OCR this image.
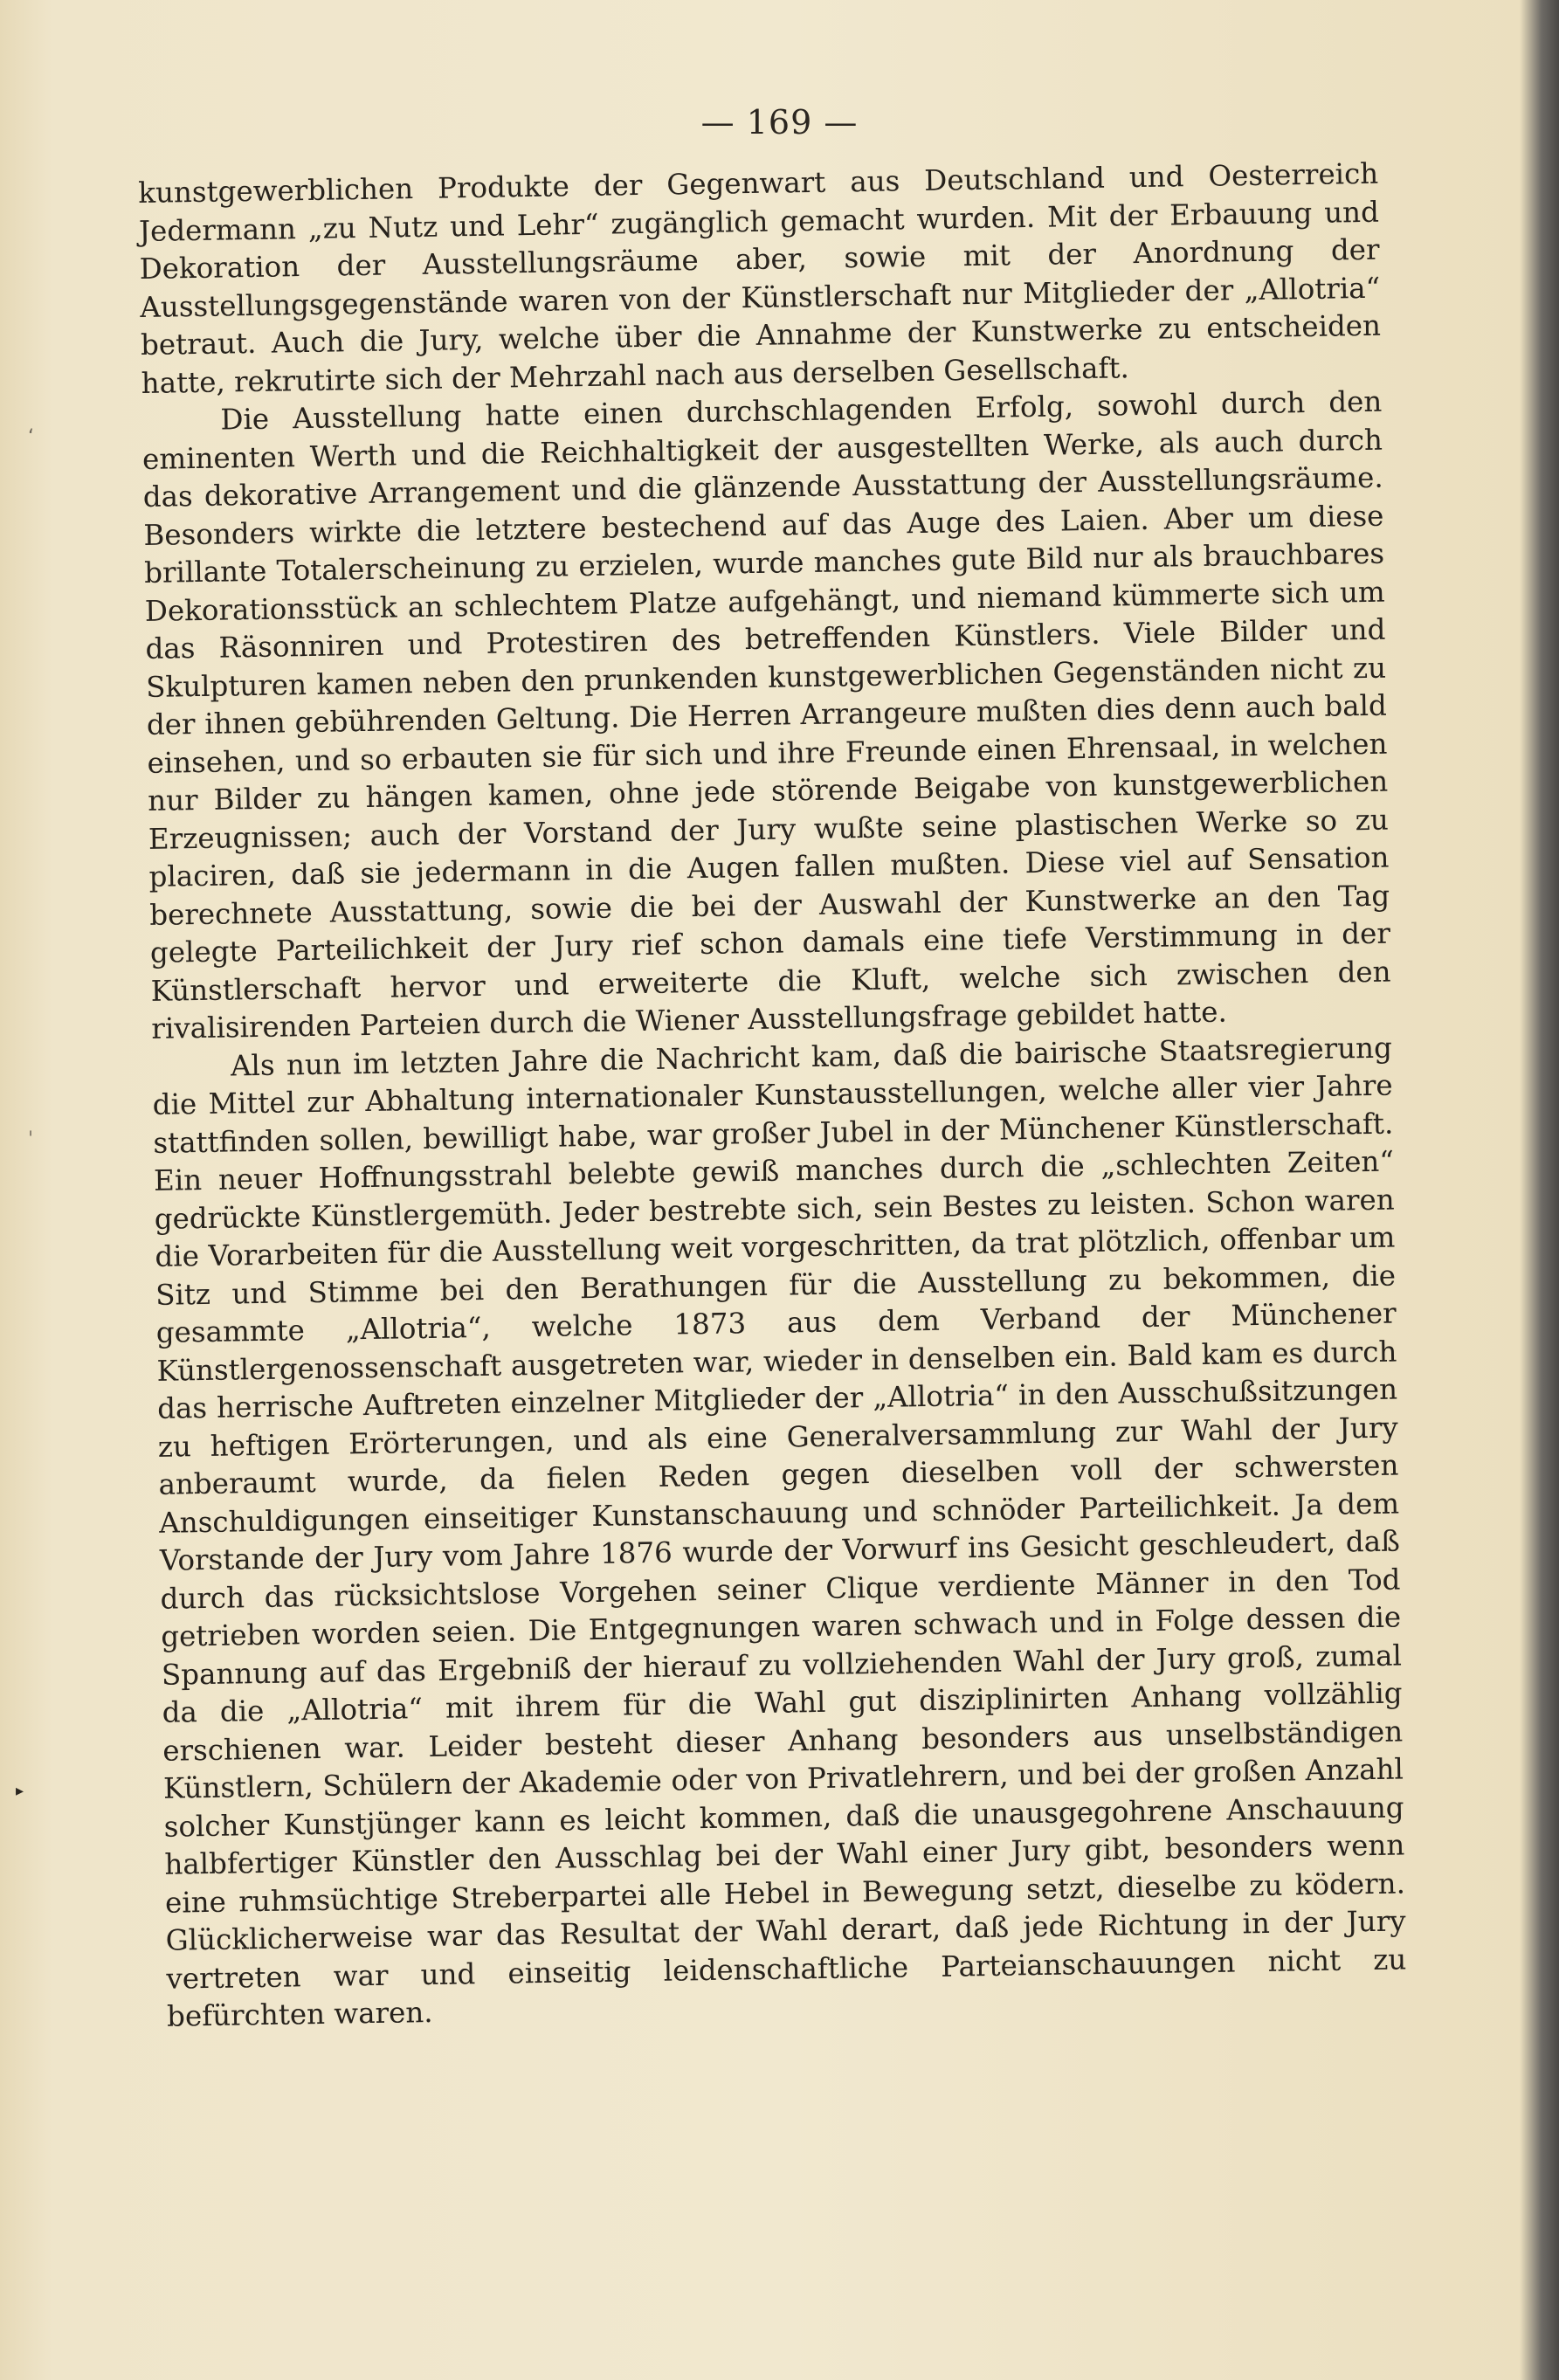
— 169 —

kunstgewerblichen Produkte der Gegenwart aus Deutschland und Oesterreich Jedermann „zu Nutz und Lehr“ zugänglich gemacht wurden. Mit der Erbauung und Dekoration der Ausstellungsräume aber, sowie mit der Anordnung der Ausstellungsgegenstände waren von der Künstlerschaft nur Mitglieder der „Allotria“ betraut. Auch die Jury, welche über die Annahme der Kunstwerke zu entscheiden hatte, rekrutirte sich der Mehrzahl nach aus derselben Gesellschaft.

Die Ausstellung hatte einen durchschlagenden Erfolg, sowohl durch den eminenten Werth und die Reichhaltigkeit der ausgestellten Werke, als auch durch das dekorative Arrangement und die glänzende Ausstattung der Ausstellungsräume. Besonders wirkte die letztere bestechend auf das Auge des Laien. Aber um diese brillante Totalerscheinung zu erzielen, wurde manches gute Bild nur als brauchbares Dekorationsstück an schlechtem Platze aufgehängt, und niemand kümmerte sich um das Räsonniren und Protestiren des betreffenden Künstlers. Viele Bilder und Skulpturen kamen neben den prunkenden kunstgewerblichen Gegenständen nicht zu der ihnen gebührenden Geltung. Die Herren Arrangeure mußten dies denn auch bald einsehen, und so erbauten sie für sich und ihre Freunde einen Ehrensaal, in welchen nur Bilder zu hängen kamen, ohne jede störende Beigabe von kunstgewerblichen Erzeugnissen; auch der Vorstand der Jury wußte seine plastischen Werke so zu placiren, daß sie jedermann in die Augen fallen mußten. Diese viel auf Sensation berechnete Ausstattung, sowie die bei der Auswahl der Kunstwerke an den Tag gelegte Parteilichkeit der Jury rief schon damals eine tiefe Verstimmung in der Künstlerschaft hervor und erweiterte die Kluft, welche sich zwischen den rivalisirenden Parteien durch die Wiener Ausstellungsfrage gebildet hatte.

Als nun im letzten Jahre die Nachricht kam, daß die bairische Staatsregierung die Mittel zur Abhaltung internationaler Kunstausstellungen, welche aller vier Jahre stattfinden sollen, bewilligt habe, war großer Jubel in der Münchener Künstlerschaft. Ein neuer Hoffnungsstrahl belebte gewiß manches durch die „schlechten Zeiten“ gedrückte Künstlergemüth. Jeder bestrebte sich, sein Bestes zu leisten. Schon waren die Vorarbeiten für die Ausstellung weit vorgeschritten, da trat plötzlich, offenbar um Sitz und Stimme bei den Berathungen für die Ausstellung zu bekommen, die gesammte „Allotria“, welche 1873 aus dem Verband der Münchener Künstlergenossenschaft ausgetreten war, wieder in denselben ein. Bald kam es durch das herrische Auftreten einzelner Mitglieder der „Allotria“ in den Ausschußsitzungen zu heftigen Erörterungen, und als eine Generalversammlung zur Wahl der Jury anberaumt wurde, da fielen Reden gegen dieselben voll der schwersten Anschuldigungen einseitiger Kunstanschauung und schnöder Parteilichkeit. Ja dem Vorstande der Jury vom Jahre 1876 wurde der Vorwurf ins Gesicht geschleudert, daß durch das rücksichtslose Vorgehen seiner Clique verdiente Männer in den Tod getrieben worden seien. Die Entgegnungen waren schwach und in Folge dessen die Spannung auf das Ergebniß der hierauf zu vollziehenden Wahl der Jury groß, zumal da die „Allotria“ mit ihrem für die Wahl gut disziplinirten Anhang vollzählig erschienen war. Leider besteht dieser Anhang besonders aus unselbständigen Künstlern, Schülern der Akademie oder von Privatlehrern, und bei der großen Anzahl solcher Kunstjünger kann es leicht kommen, daß die unausgegohrene Anschauung halbfertiger Künstler den Ausschlag bei der Wahl einer Jury gibt, besonders wenn eine ruhmsüchtige Streberpartei alle Hebel in Bewegung setzt, dieselbe zu ködern. Glücklicherweise war das Resultat der Wahl derart, daß jede Richtung in der Jury vertreten war und einseitig leidenschaftliche Parteianschauungen nicht zu befürchten waren.

‘
ˌ
▸
